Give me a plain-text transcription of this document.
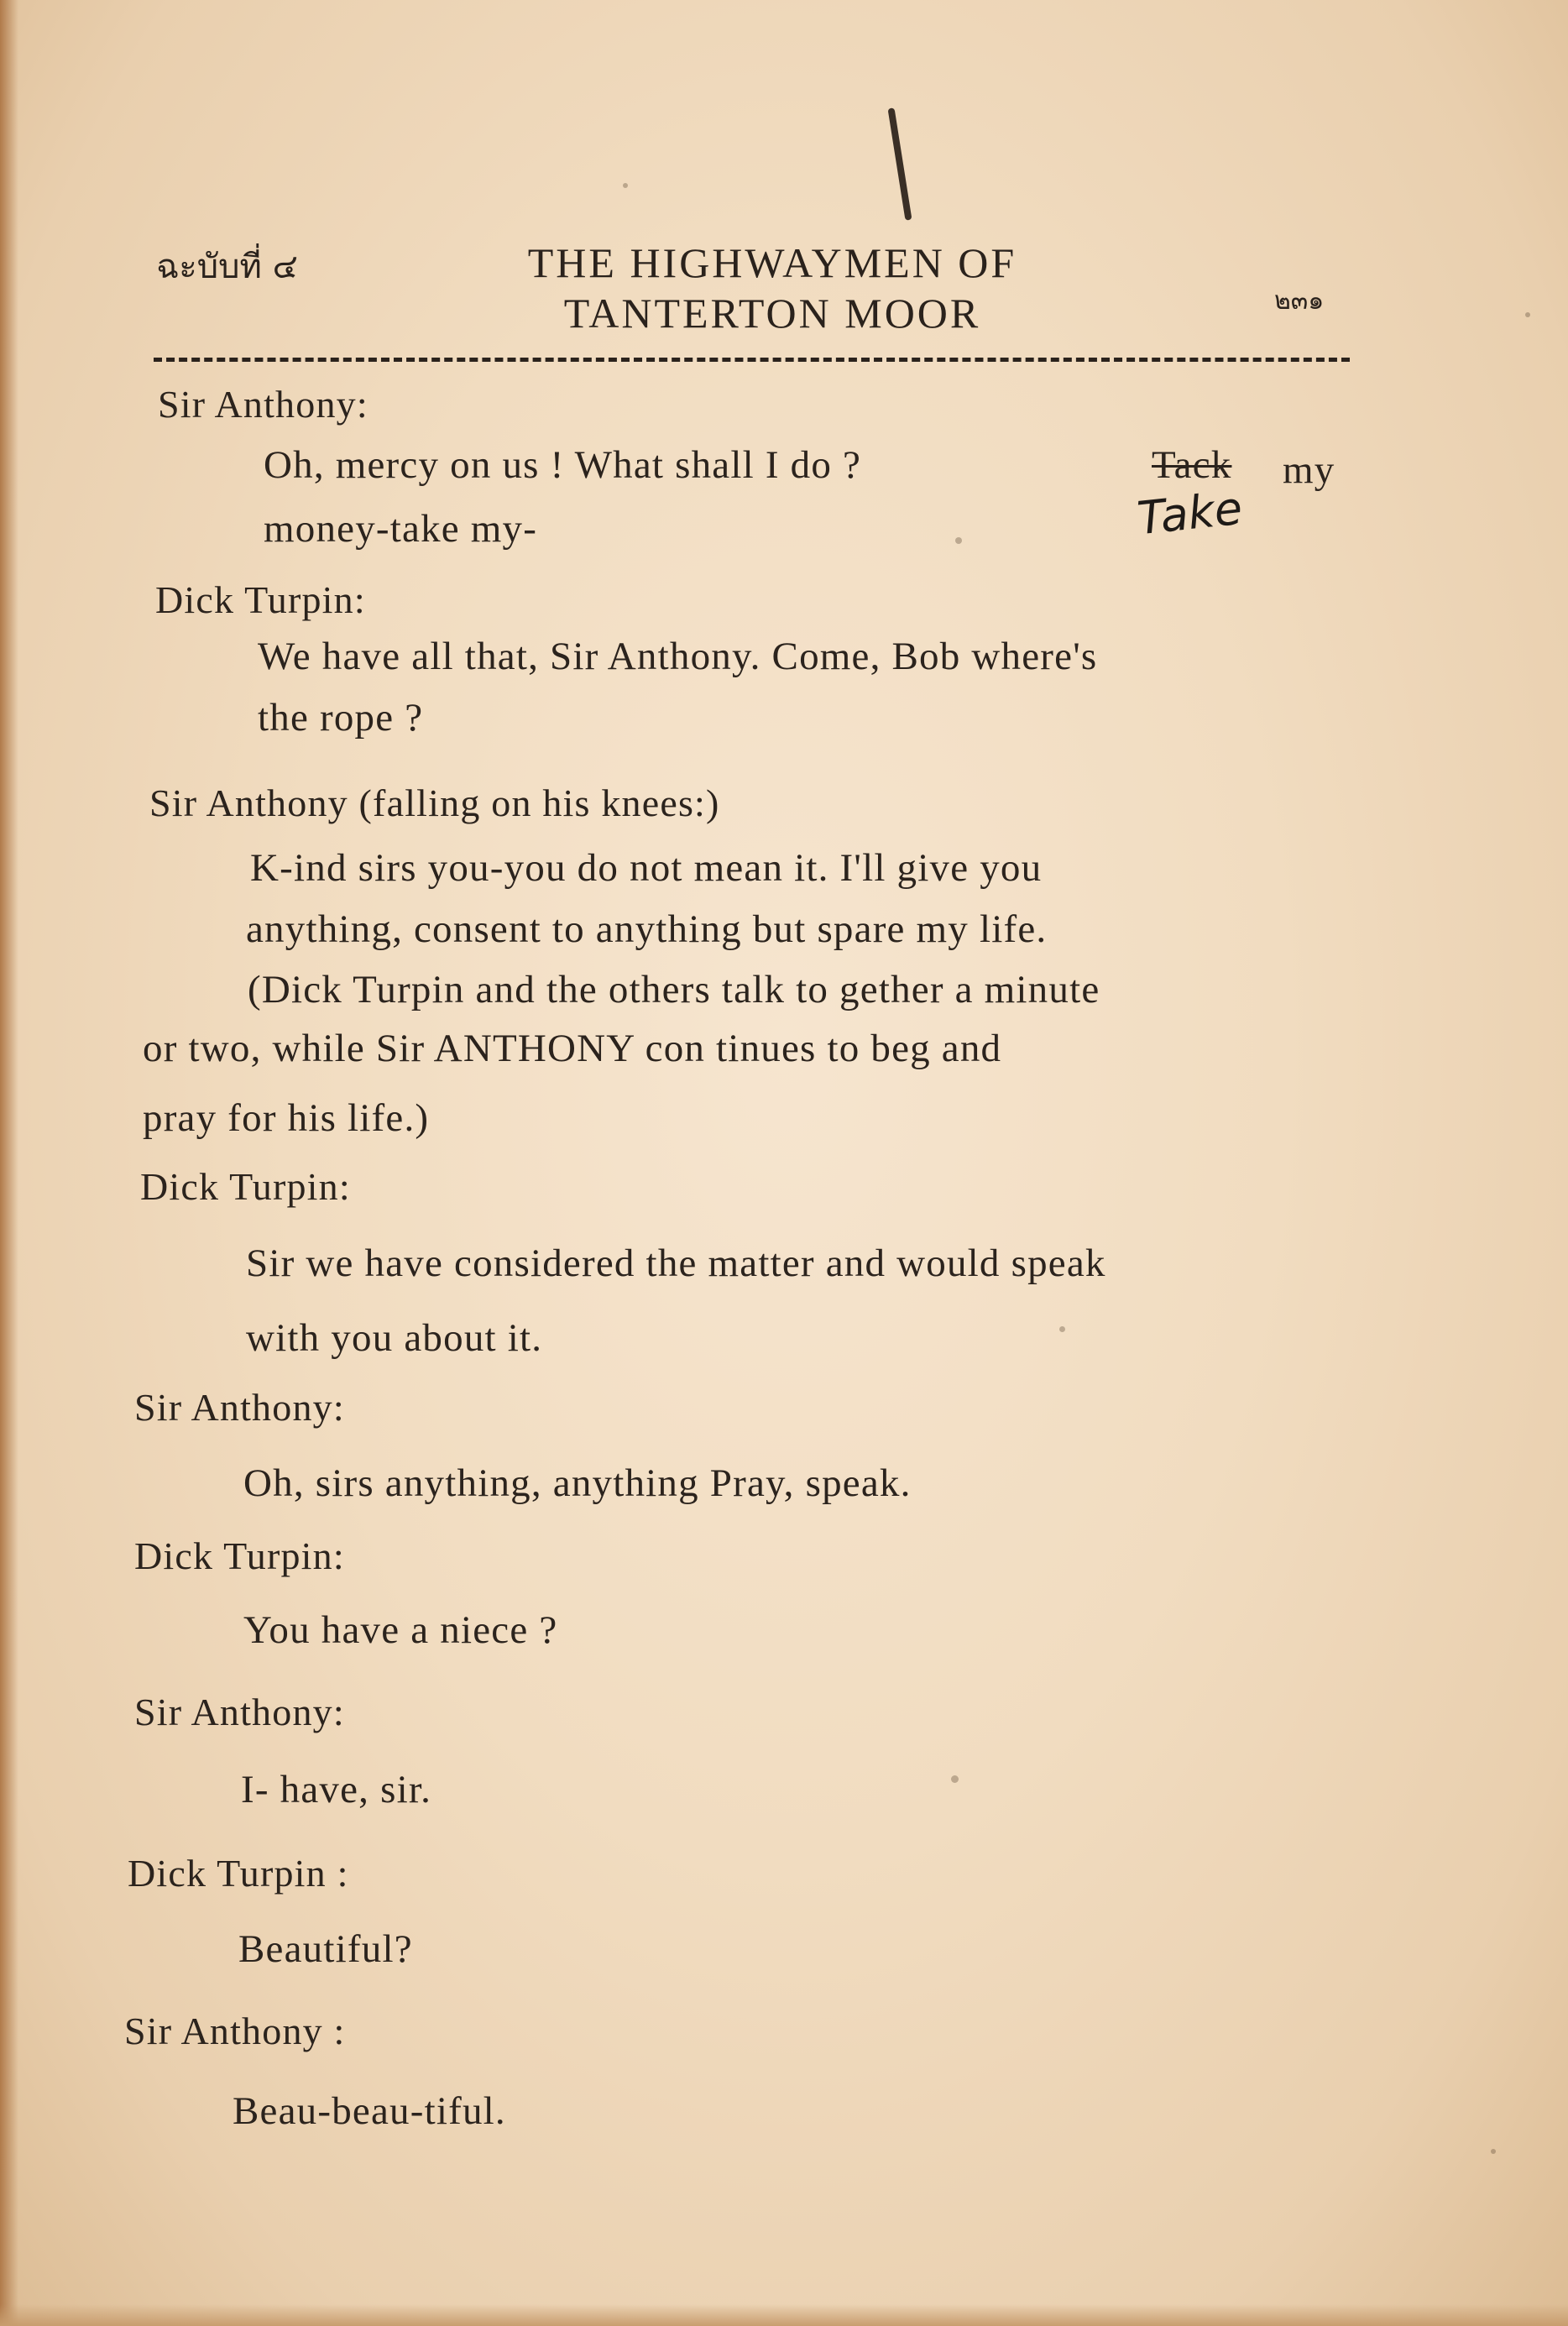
ฉะบับที่ ๔	THE HIGHWAYMEN OF
TANTERTON MOOR	๒๓๑
Sir Anthony:
Oh, mercy on us ! What shall I do ?	Tack my
money-take my-	Take
Dick Turpin:
We have all that, Sir Anthony. Come, Bob where's
the rope ?
Sir Anthony (falling on his knees:)
K-ind sirs you-you do not mean it. I'll give you
anything, consent to anything but spare my life.
(Dick Turpin and the others talk to gether a minute
or two, while Sir ANTHONY con tinues to beg and
pray for his life.)
Dick Turpin:
Sir we have considered the matter and would speak
with you about it.
Sir Anthony:
Oh, sirs anything, anything Pray, speak.
Dick Turpin:
You have a niece ?
Sir Anthony:
I- have, sir.
Dick Turpin :
Beautiful?
Sir Anthony :
Beau-beau-tiful.
